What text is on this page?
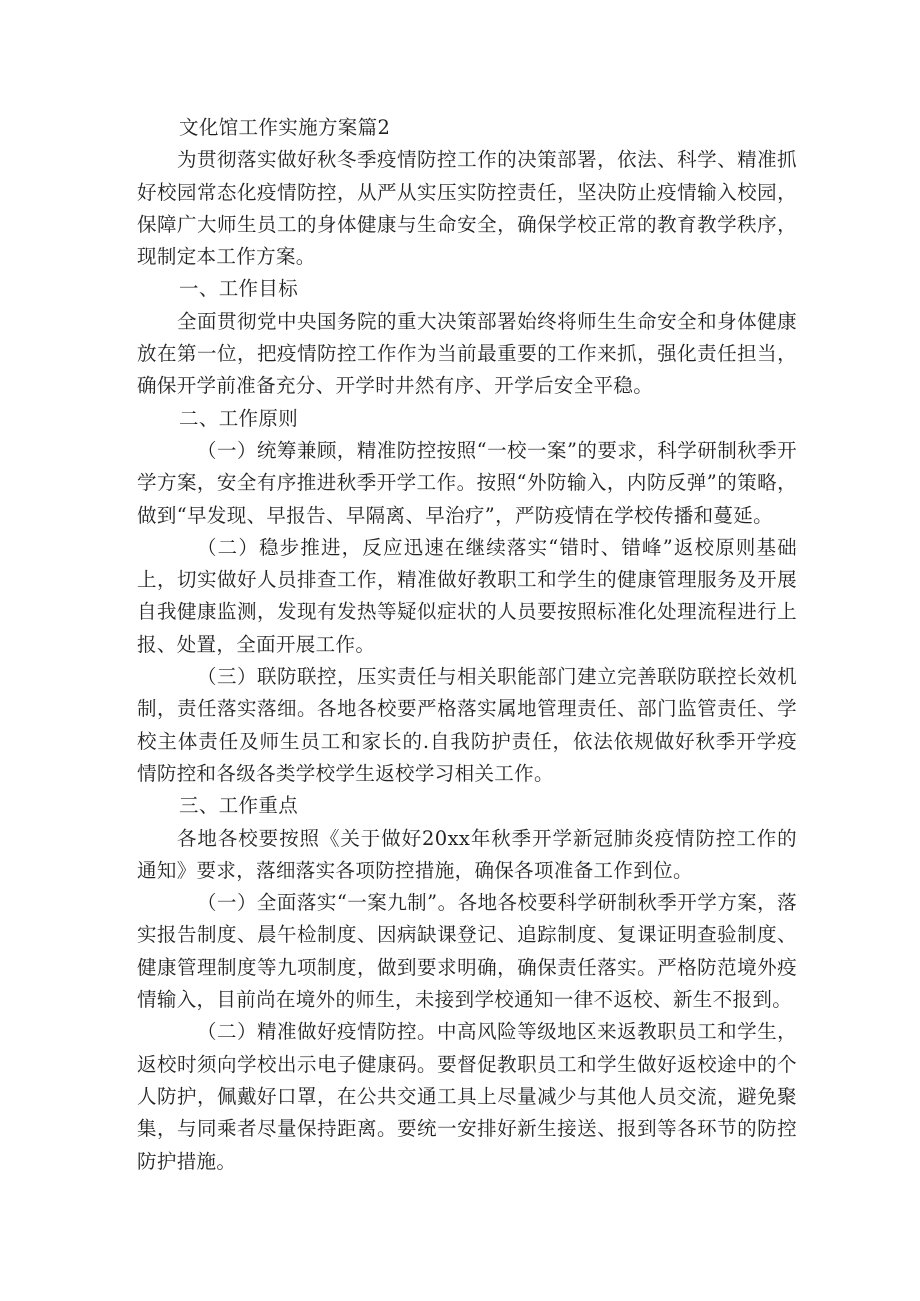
文化馆工作实施方案篇2

为贯彻落实做好秋冬季疫情防控工作的决策部署，依法、科学、精准抓好校园常态化疫情防控，从严从实压实防控责任，坚决防止疫情输入校园，保障广大师生员工的身体健康与生命安全，确保学校正常的教育教学秩序，现制定本工作方案。

一、工作目标

全面贯彻党中央国务院的重大决策部署始终将师生生命安全和身体健康放在第一位，把疫情防控工作作为当前最重要的工作来抓，强化责任担当，确保开学前准备充分、开学时井然有序、开学后安全平稳。

二、工作原则

（一）统筹兼顾，精准防控按照“一校一案”的要求，科学研制秋季开学方案，安全有序推进秋季开学工作。按照“外防输入，内防反弹”的策略，做到“早发现、早报告、早隔离、早治疗”，严防疫情在学校传播和蔓延。

（二）稳步推进，反应迅速在继续落实“错时、错峰”返校原则基础上，切实做好人员排查工作，精准做好教职工和学生的健康管理服务及开展自我健康监测，发现有发热等疑似症状的人员要按照标准化处理流程进行上报、处置，全面开展工作。

（三）联防联控，压实责任与相关职能部门建立完善联防联控长效机制，责任落实落细。各地各校要严格落实属地管理责任、部门监管责任、学校主体责任及师生员工和家长的.自我防护责任，依法依规做好秋季开学疫情防控和各级各类学校学生返校学习相关工作。

三、工作重点

各地各校要按照《关于做好20xx年秋季开学新冠肺炎疫情防控工作的通知》要求，落细落实各项防控措施，确保各项准备工作到位。

（一）全面落实“一案九制”。各地各校要科学研制秋季开学方案，落实报告制度、晨午检制度、因病缺课登记、追踪制度、复课证明查验制度、健康管理制度等九项制度，做到要求明确，确保责任落实。严格防范境外疫情输入，目前尚在境外的师生，未接到学校通知一律不返校、新生不报到。

（二）精准做好疫情防控。中高风险等级地区来返教职员工和学生，返校时须向学校出示电子健康码。要督促教职员工和学生做好返校途中的个人防护，佩戴好口罩，在公共交通工具上尽量减少与其他人员交流，避免聚集，与同乘者尽量保持距离。要统一安排好新生接送、报到等各环节的防控防护措施。
